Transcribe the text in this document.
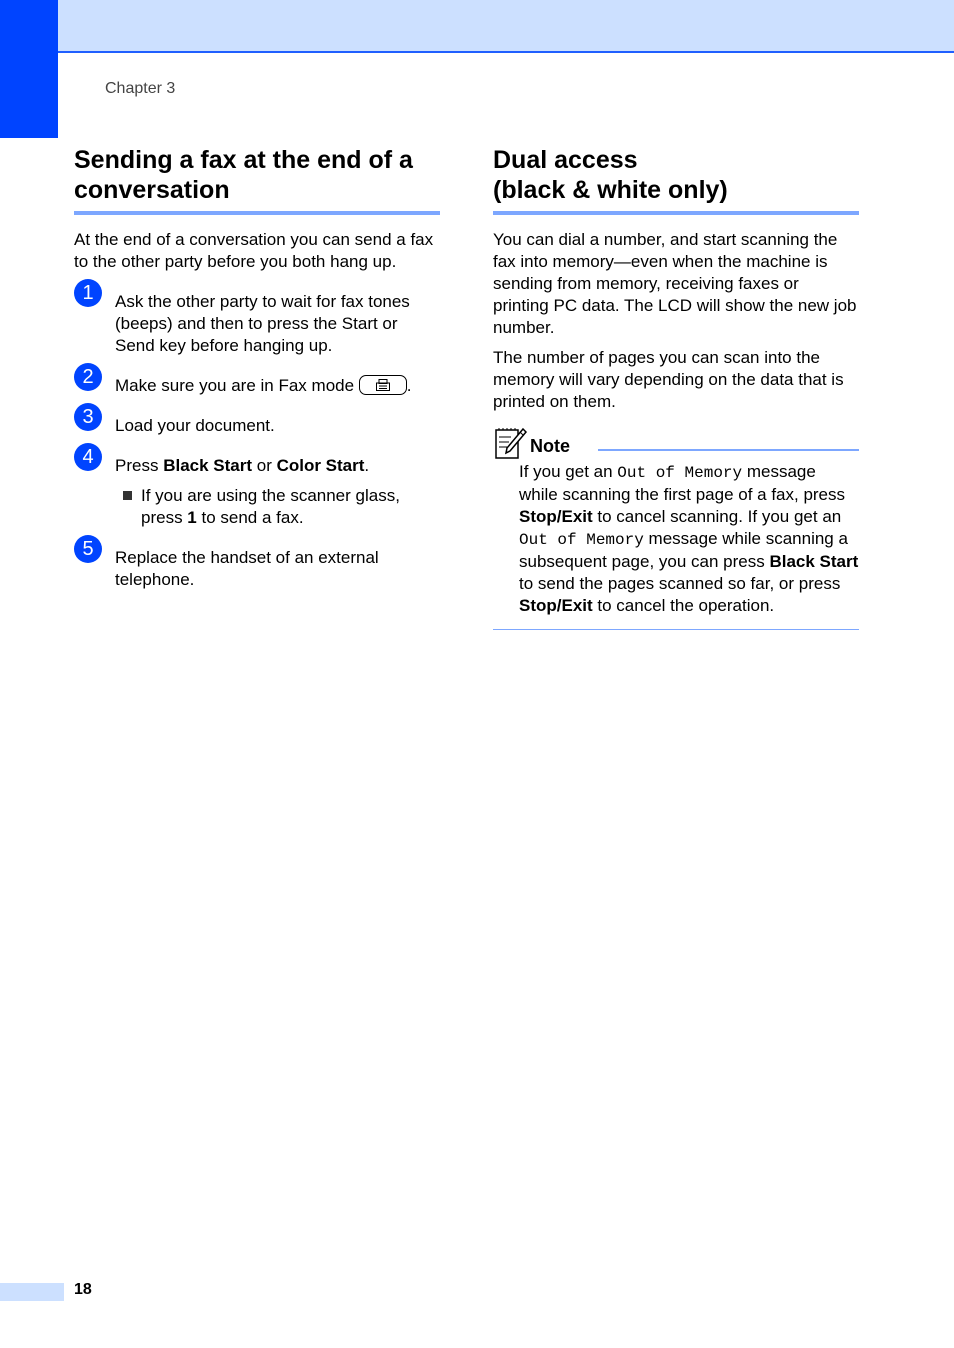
Chapter 3
Sending a fax at the end of a
conversation

At the end of a conversation you can send a fax to the other party before you both hang up.

1	Ask the other party to wait for fax tones (beeps) and then to press the Start or Send key before hanging up.
2	Make sure you are in Fax mode	.
3	Load your document.
4	Press Black Start or Color Start.
If you are using the scanner glass, press 1 to send a fax.
5	Replace the handset of an external telephone.
Dual access
(black & white only)

You can dial a number, and start scanning the fax into memory—even when the machine is sending from memory, receiving faxes or printing PC data. The LCD will show the new job number.

The number of pages you can scan into the memory will vary depending on the data that is printed on them.

Note
If you get an Out of Memory message while scanning the first page of a fax, press Stop/Exit to cancel scanning. If you get an Out of Memory message while scanning a subsequent page, you can press Black Start to send the pages scanned so far, or press Stop/Exit to cancel the operation.
18
